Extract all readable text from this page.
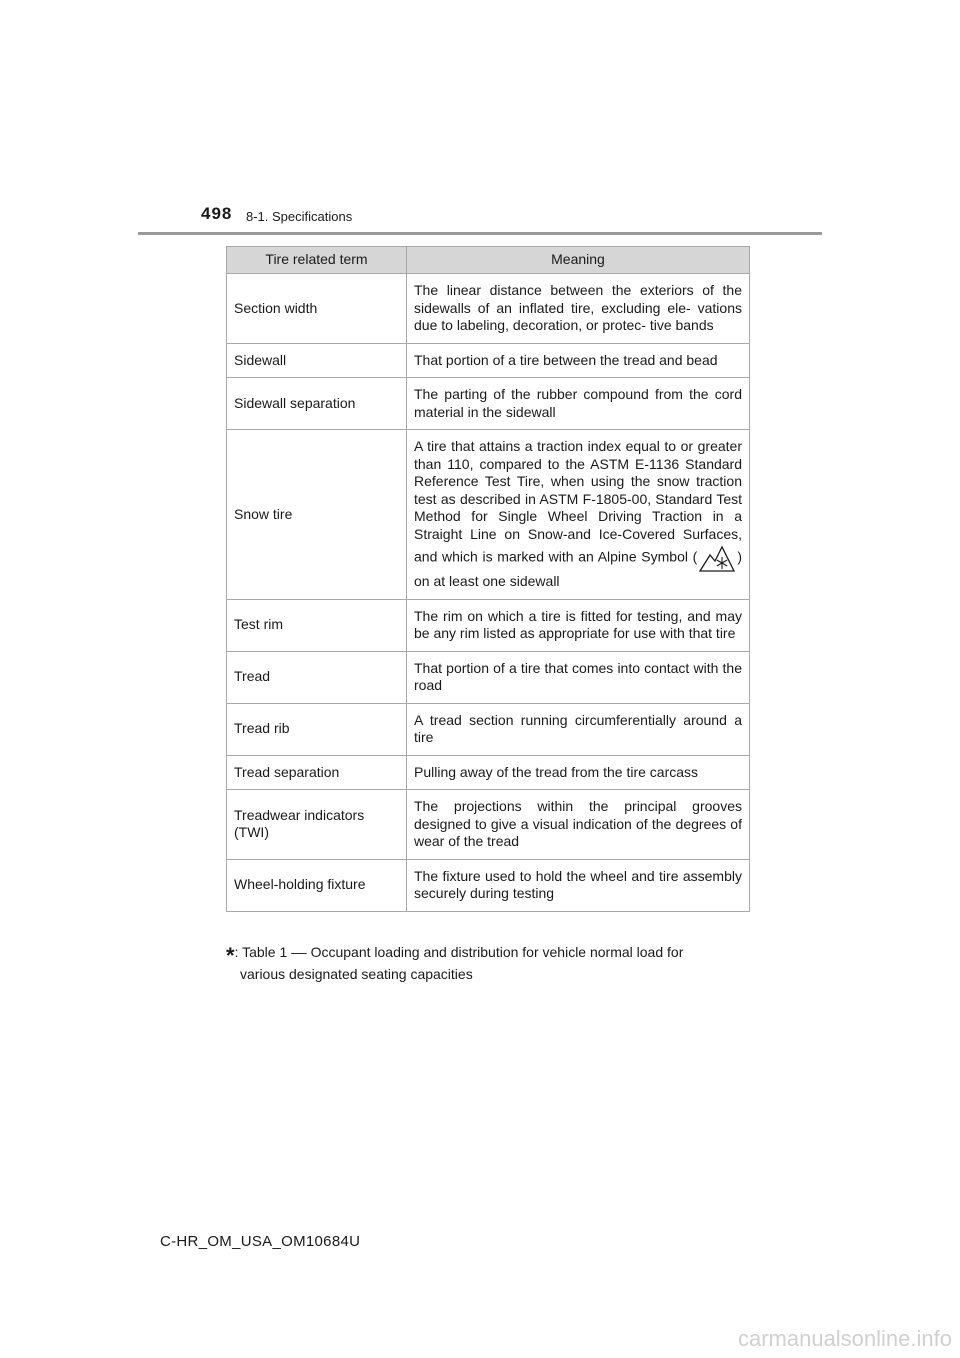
498 8-1. Specifications
Tire related term	Meaning
Section width	The linear distance between the exteriors of the sidewalls of an inflated tire, excluding ele- vations due to labeling, decoration, or protec- tive bands
Sidewall	That portion of a tire between the tread and bead
Sidewall separation	The parting of the rubber compound from the cord material in the sidewall
Snow tire	A tire that attains a traction index equal to or greater than 110, compared to the ASTM E-1136 Standard Reference Test Tire, when using the snow traction test as described in ASTM F-1805-00, Standard Test Method for Single Wheel Driving Traction in a Straight Line on Snow-and Ice-Covered Surfaces, and which is marked with an Alpine Symbol ( ) on at least one sidewall
Test rim	The rim on which a tire is fitted for testing, and may be any rim listed as appropriate for use with that tire
Tread	That portion of a tire that comes into contact with the road
Tread rib	A tread section running circumferentially around a tire
Tread separation	Pulling away of the tread from the tire carcass
Treadwear indicators (TWI)	The projections within the principal grooves designed to give a visual indication of the degrees of wear of the tread
Wheel-holding fixture	The fixture used to hold the wheel and tire assembly securely during testing
*: Table 1 –– Occupant loading and distribution for vehicle normal load for
various designated seating capacities
C-HR_OM_USA_OM10684U
carmanualsonline.info
